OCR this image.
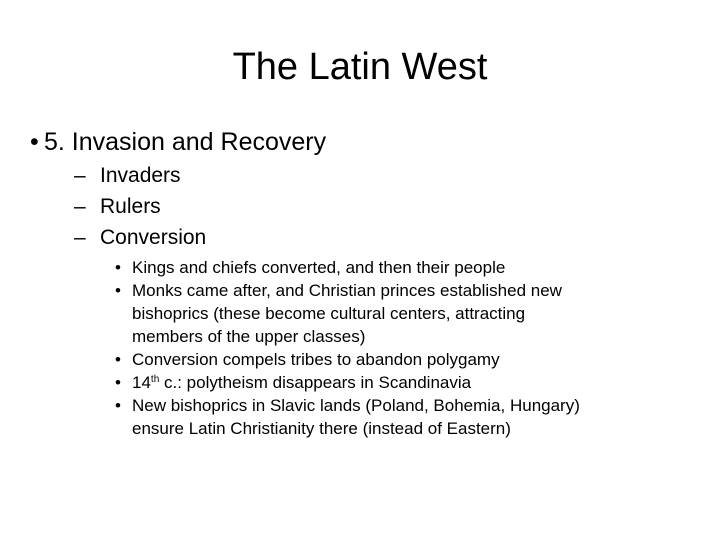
The Latin West
• 5. Invasion and Recovery
– Invaders
– Rulers
– Conversion
• Kings and chiefs converted, and then their people
• Monks came after, and Christian princes established new
bishoprics (these become cultural centers, attracting
members of the upper classes)
• Conversion compels tribes to abandon polygamy
• 14th c.: polytheism disappears in Scandinavia
• New bishoprics in Slavic lands (Poland, Bohemia, Hungary)
ensure Latin Christianity there (instead of Eastern)
